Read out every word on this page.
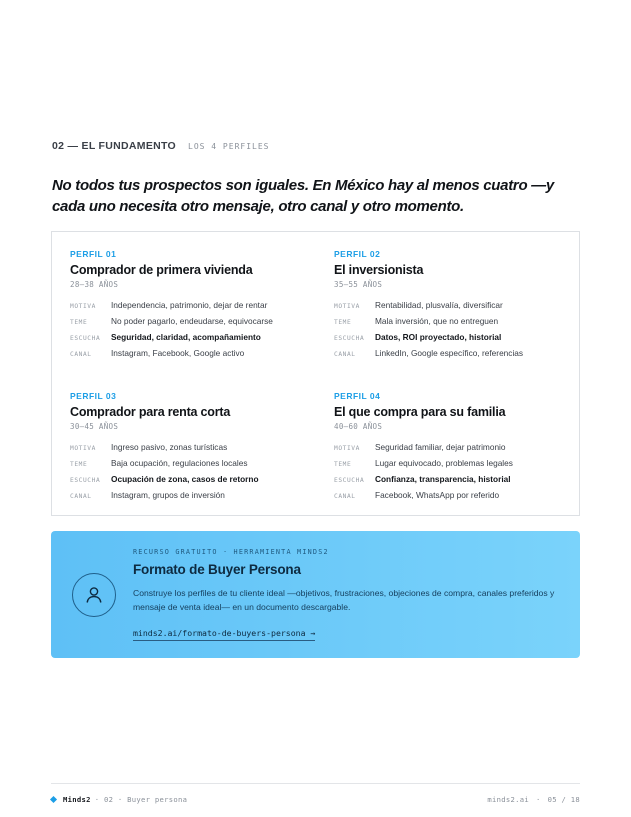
02 — EL FUNDAMENTO LOS 4 PERFILES

No todos tus prospectos son iguales. En México hay al menos cuatro —y cada uno necesita otro mensaje, otro canal y otro momento.

PERFIL 01
Comprador de primera vivienda
28–38 AÑOS
MOTIVA	Independencia, patrimonio, dejar de rentar
TEME	No poder pagarlo, endeudarse, equivocarse
ESCUCHA	Seguridad, claridad, acompañamiento
CANAL	Instagram, Facebook, Google activo
PERFIL 02
El inversionista
35–55 AÑOS
MOTIVA	Rentabilidad, plusvalía, diversificar
TEME	Mala inversión, que no entreguen
ESCUCHA	Datos, ROI proyectado, historial
CANAL	LinkedIn, Google específico, referencias
PERFIL 03
Comprador para renta corta
30–45 AÑOS
MOTIVA	Ingreso pasivo, zonas turísticas
TEME	Baja ocupación, regulaciones locales
ESCUCHA	Ocupación de zona, casos de retorno
CANAL	Instagram, grupos de inversión
PERFIL 04
El que compra para su familia
40–60 AÑOS
MOTIVA	Seguridad familiar, dejar patrimonio
TEME	Lugar equivocado, problemas legales
ESCUCHA	Confianza, transparencia, historial
CANAL	Facebook, WhatsApp por referido
RECURSO GRATUITO · HERRAMIENTA MINDS2
Formato de Buyer Persona

Construye los perfiles de tu cliente ideal —objetivos, frustraciones, objeciones de compra, canales preferidos y mensaje de venta ideal— en un documento descargable.

minds2.ai/formato-de-buyers-persona →
Minds2 · 02 · Buyer persona	minds2.ai · 05 / 18
